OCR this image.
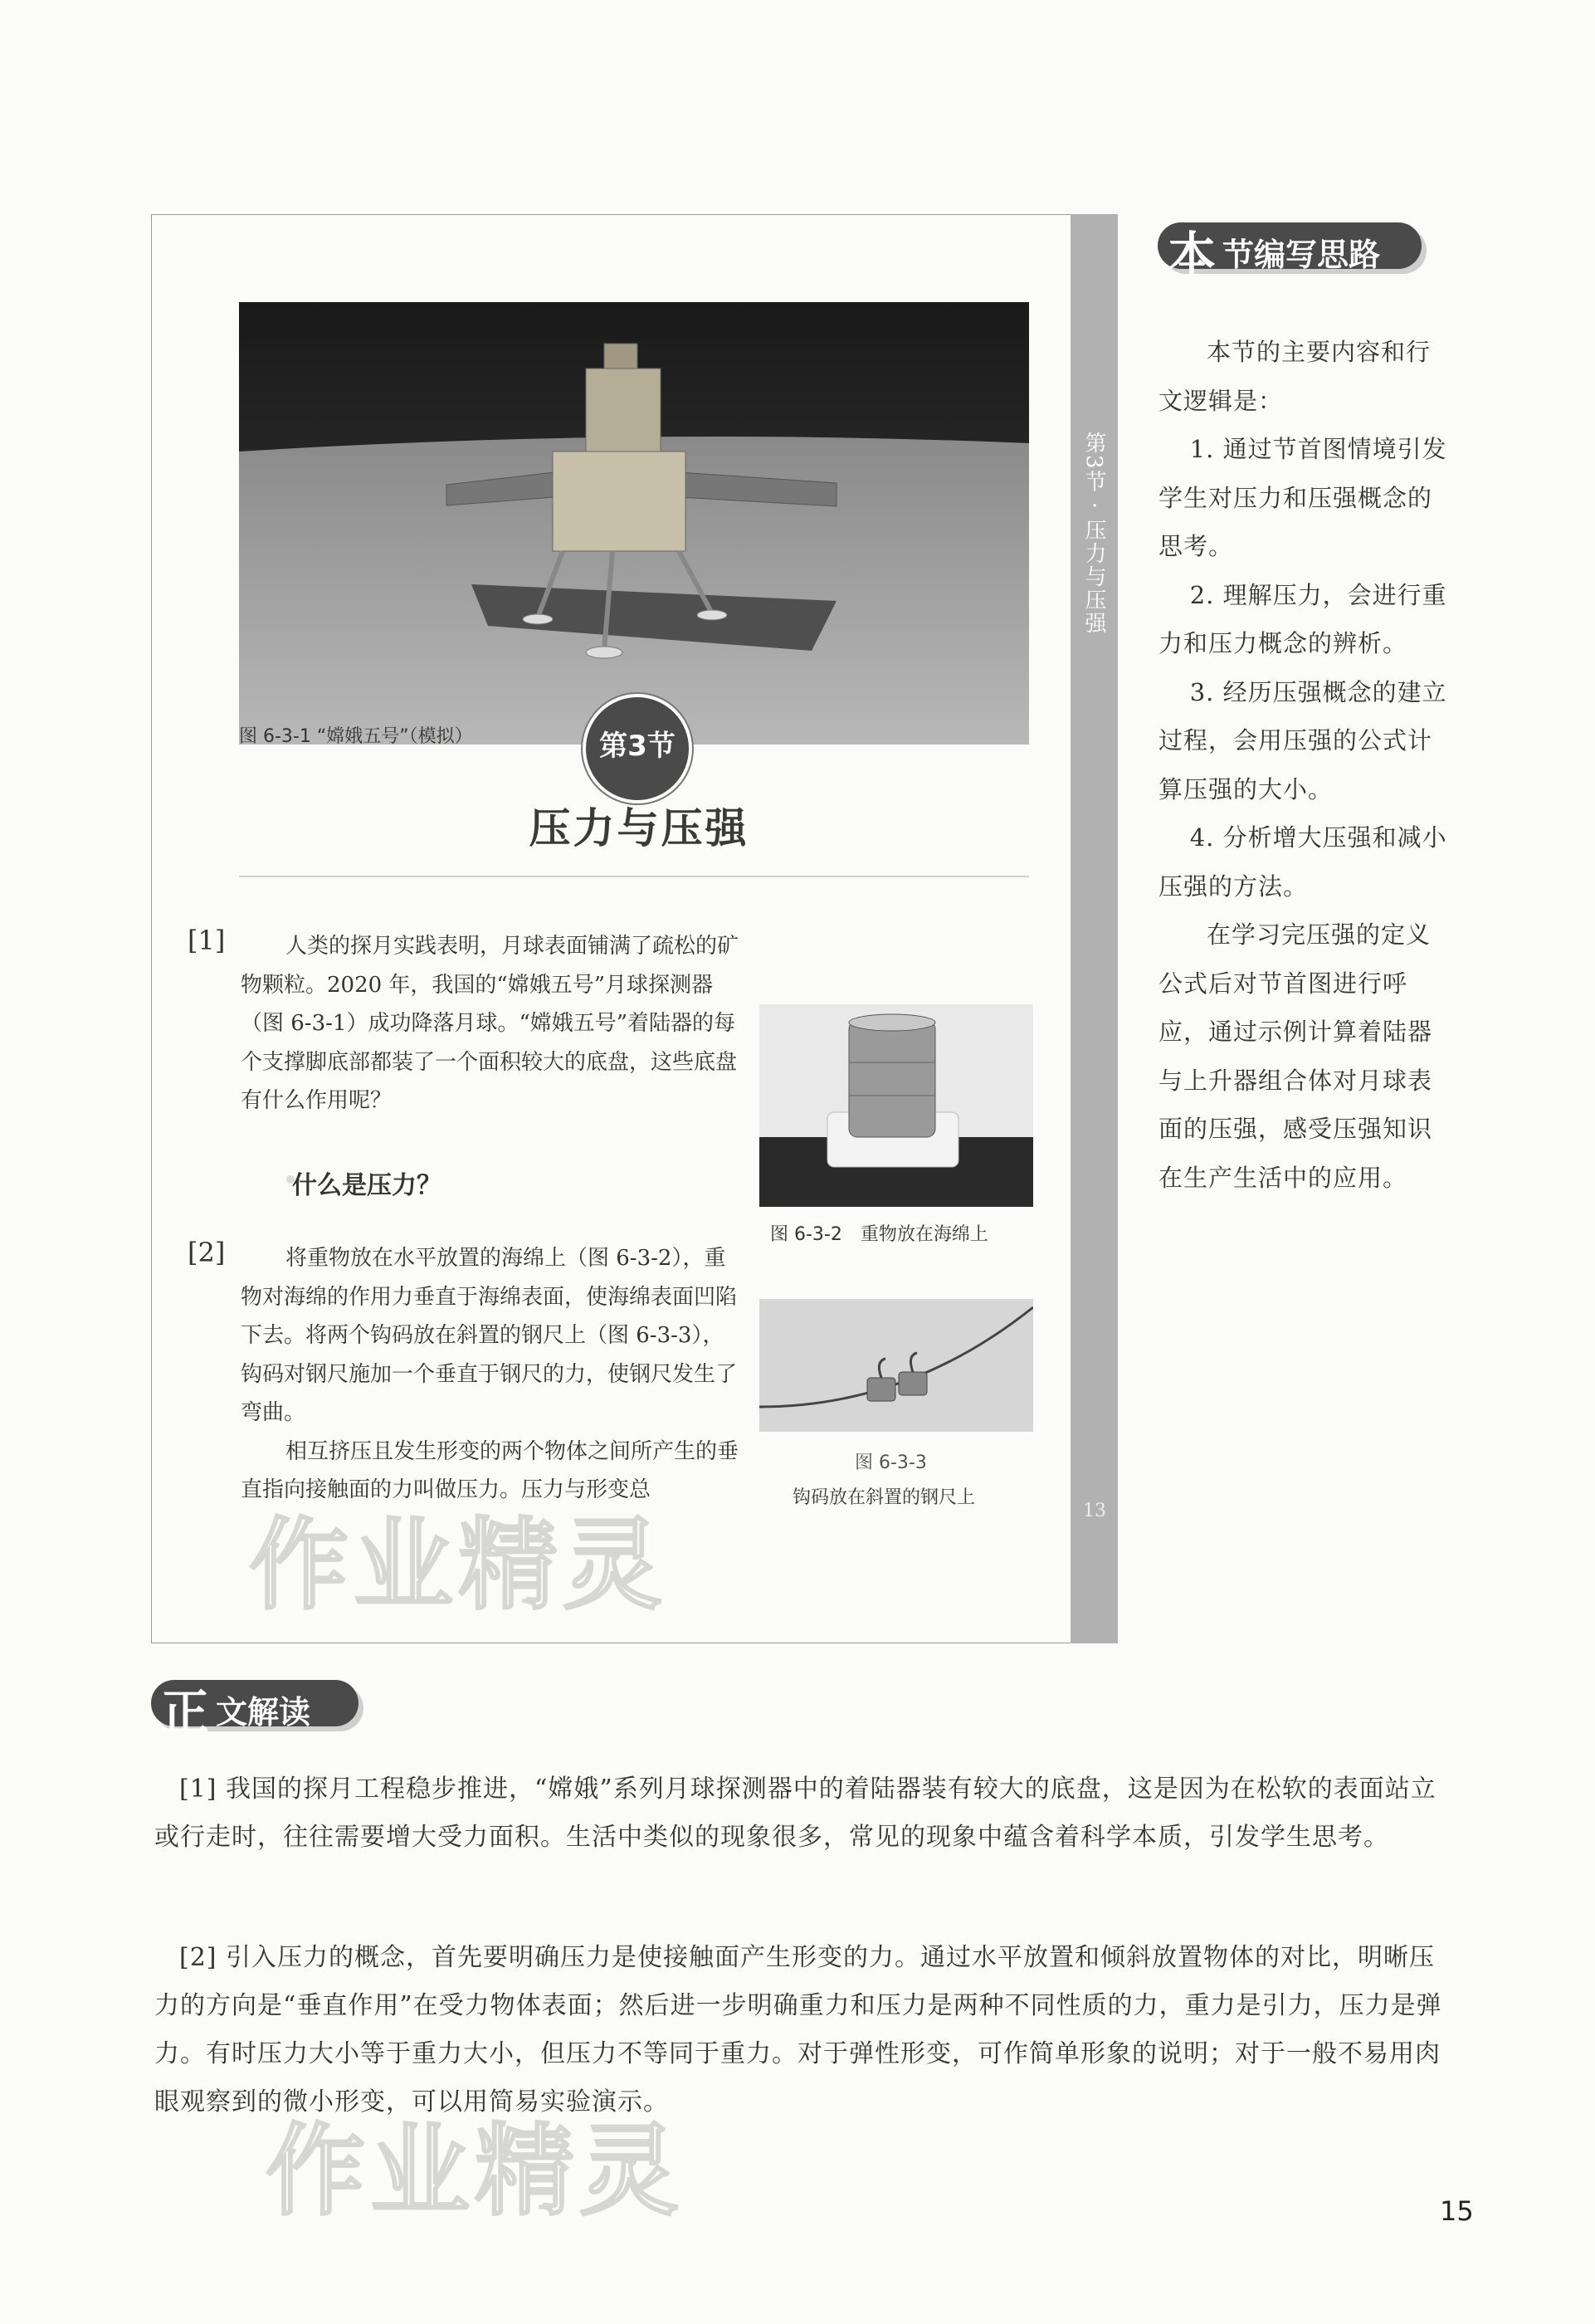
第3节 · 压力与压强
13
图 6-3-1 “嫦娥五号”（模拟）	第3节
压力与压强
[1]	人类的探月实践表明，月球表面铺满了疏松的矿物颗粒。2020 年，我国的“嫦娥五号”月球探测器（图 6-3-1）成功降落月球。“嫦娥五号”着陆器的每个支撑脚底部都装了一个面积较大的底盘，这些底盘有什么作用呢？
什么是压力？
[2]	将重物放在水平放置的海绵上（图 6-3-2），重物对海绵的作用力垂直于海绵表面，使海绵表面凹陷下去。将两个钩码放在斜置的钢尺上（图 6-3-3），钩码对钢尺施加一个垂直于钢尺的力，使钢尺发生了弯曲。
相互挤压且发生形变的两个物体之间所产生的垂直指向接触面的力叫做压力。压力与形变总
图 6-3-2　重物放在海绵上
图 6-3-3
钩码放在斜置的钢尺上
作业精灵
本 节编写思路

本节的主要内容和行文逻辑是：

1. 通过节首图情境引发学生对压力和压强概念的思考。

2. 理解压力，会进行重力和压力概念的辨析。

3. 经历压强概念的建立过程，会用压强的公式计算压强的大小。

4. 分析增大压强和减小压强的方法。

在学习完压强的定义公式后对节首图进行呼应，通过示例计算着陆器与上升器组合体对月球表面的压强，感受压强知识在生产生活中的应用。

正 文解读
[1] 我国的探月工程稳步推进，“嫦娥”系列月球探测器中的着陆器装有较大的底盘，这是因为在松软的表面站立或行走时，往往需要增大受力面积。生活中类似的现象很多，常见的现象中蕴含着科学本质，引发学生思考。
[2] 引入压力的概念，首先要明确压力是使接触面产生形变的力。通过水平放置和倾斜放置物体的对比，明晰压力的方向是“垂直作用”在受力物体表面；然后进一步明确重力和压力是两种不同性质的力，重力是引力，压力是弹力。有时压力大小等于重力大小，但压力不等同于重力。对于弹性形变，可作简单形象的说明；对于一般不易用肉眼观察到的微小形变，可以用简易实验演示。
作业精灵	15
